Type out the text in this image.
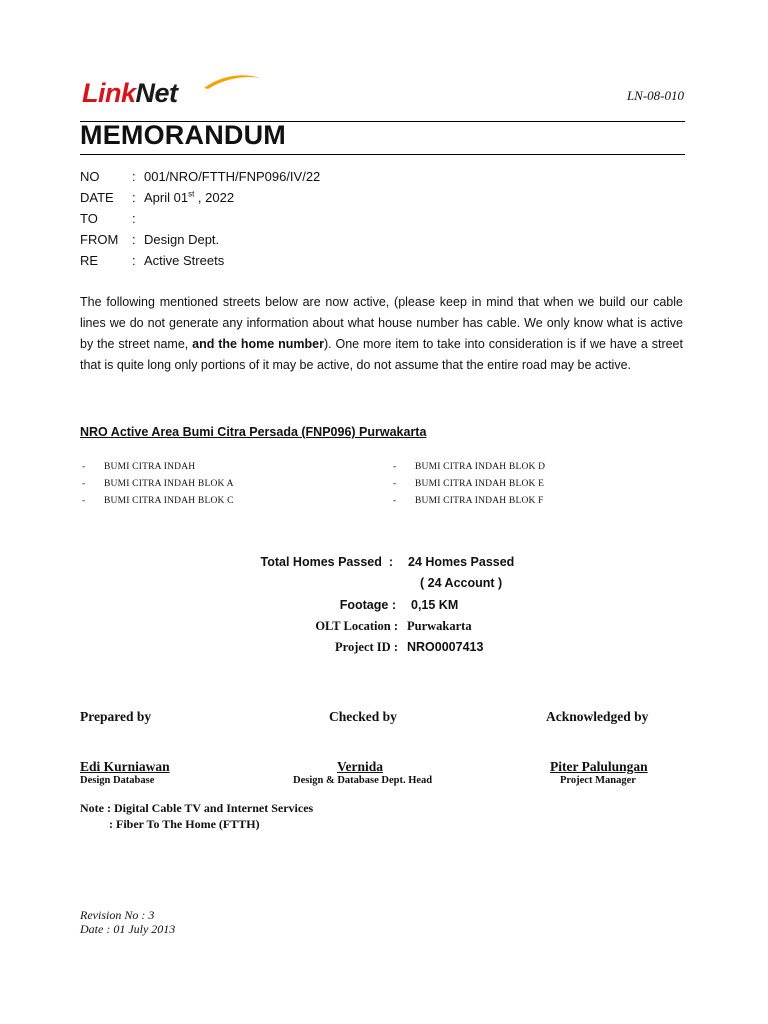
LinkNet	LN-08-010
MEMORANDUM
NO	: 001/NRO/FTTH/FNP096/IV/22
DATE	: April 01st , 2022
TO	:
FROM	: Design Dept.
RE	: Active Streets
The following mentioned streets below are now active, (please keep in mind that when we build our cable lines we do not generate any information about what house number has cable. We only know what is active by the street name, and the home number). One more item to take into consideration is if we have a street that is quite long only portions of it may be active, do not assume that the entire road may be active.
NRO Active Area Bumi Citra Persada (FNP096) Purwakarta
- BUMI CITRA INDAH
- BUMI CITRA INDAH BLOK A
- BUMI CITRA INDAH BLOK C
- BUMI CITRA INDAH BLOK D
- BUMI CITRA INDAH BLOK E
- BUMI CITRA INDAH BLOK F
Total Homes Passed : 24 Homes Passed
( 24 Account )
Footage : 0,15 KM
OLT Location : Purwakarta
Project ID : NRO0007413
Prepared by	Checked by	Acknowledged by
Edi Kurniawan
Design Database
Vernida
Design & Database Dept. Head
Piter Palulungan
Project Manager
Note : Digital Cable TV and Internet Services
: Fiber To The Home (FTTH)
Revision No : 3
Date : 01 July 2013
